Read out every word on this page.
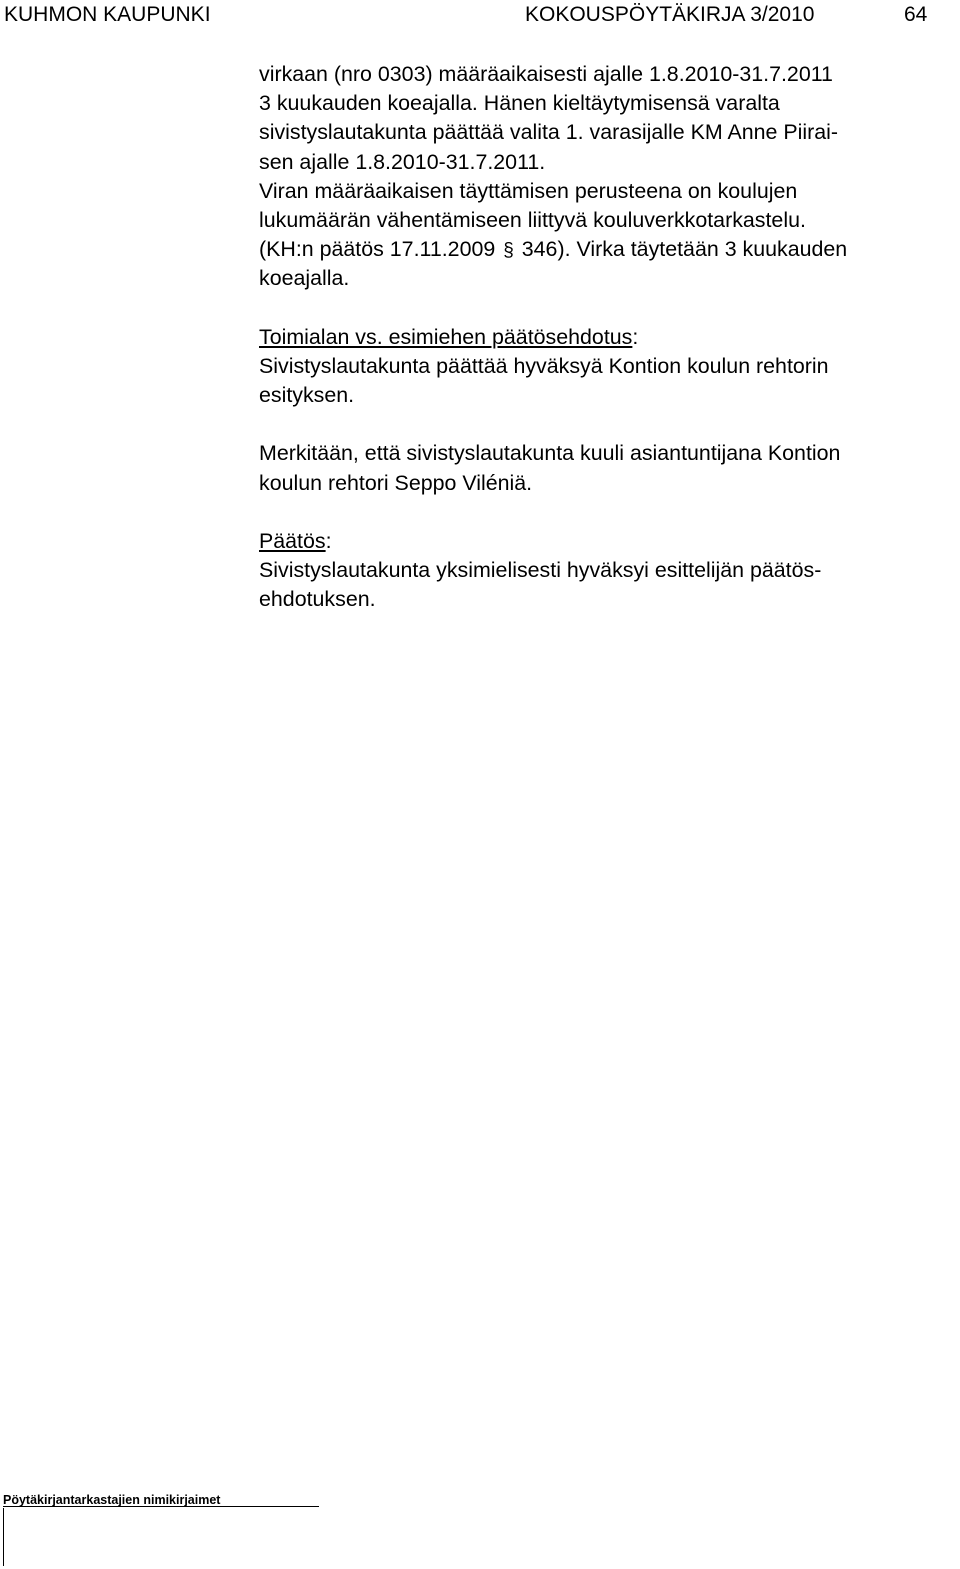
KUHMON KAUPUNKI	KOKOUSPÖYTÄKIRJA 3/2010	64
virkaan (nro 0303) määräaikaisesti ajalle 1.8.2010-31.7.2011
3 kuukauden koeajalla. Hänen kieltäytymisensä varalta
sivistyslautakunta päättää valita 1. varasijalle KM Anne Piirai-
sen ajalle 1.8.2010-31.7.2011.
Viran määräaikaisen täyttämisen perusteena on koulujen
lukumäärän vähentämiseen liittyvä kouluverkkotarkastelu.
(KH:n päätös 17.11.2009 § 346). Virka täytetään 3 kuukauden
koeajalla.
Toimialan vs. esimiehen päätösehdotus:
Sivistyslautakunta päättää hyväksyä Kontion koulun rehtorin
esityksen.
Merkitään, että sivistyslautakunta kuuli asiantuntijana Kontion
koulun rehtori Seppo Viléniä.
Päätös:
Sivistyslautakunta yksimielisesti hyväksyi esittelijän päätös-
ehdotuksen.
Pöytäkirjantarkastajien nimikirjaimet
